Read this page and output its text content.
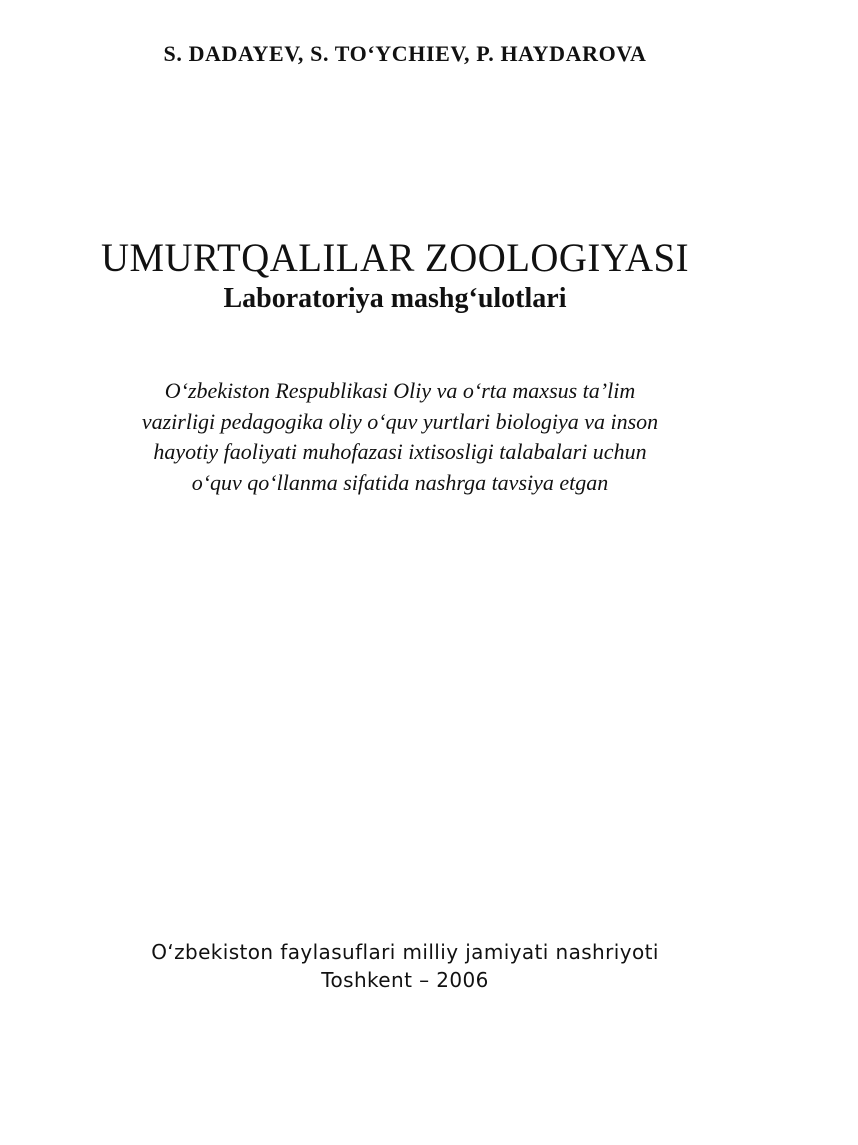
S. DADAYEV, S. TO‘YCHIEV, P. HAYDAROVA
UMURTQALILAR ZOOLOGIYASI
Laboratoriya mashg‘ulotlari
O‘zbekiston Respublikasi Oliy va o‘rta maxsus ta’lim
vazirligi pedagogika oliy o‘quv yurtlari biologiya va inson
hayotiy faoliyati muhofazasi ixtisosligi talabalari uchun
o‘quv qo‘llanma sifatida nashrga tavsiya etgan
O‘zbekiston faylasuflari milliy jamiyati nashriyoti
Toshkent – 2006
